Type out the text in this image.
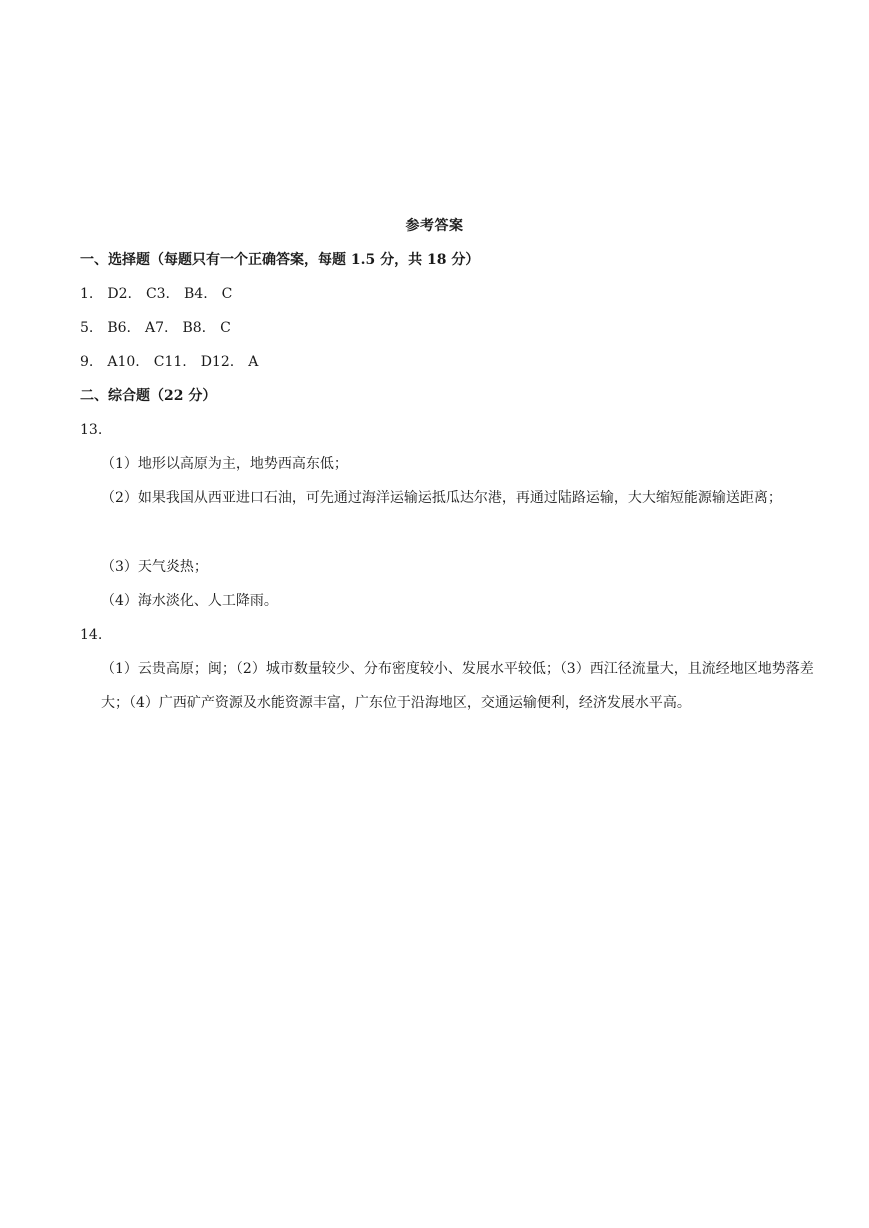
参考答案
一、选择题（每题只有一个正确答案，每题 1.5 分，共 18 分）
1.　D2.　C3.　B4.　C
5.　B6.　A7.　B8.　C
9.　A10.　C11.　D12.　A
二、综合题（22 分）
13.
（1）地形以高原为主，地势西高东低；
（2）如果我国从西亚进口石油，可先通过海洋运输运抵瓜达尔港，再通过陆路运输，大大缩短能源输送距离；
（3）天气炎热；
（4）海水淡化、人工降雨。
14.
（1）云贵高原；闽；（2）城市数量较少、分布密度较小、发展水平较低；（3）西江径流量大，且流经地区地势落差大；（4）广西矿产资源及水能资源丰富，广东位于沿海地区，交通运输便利，经济发展水平高。
